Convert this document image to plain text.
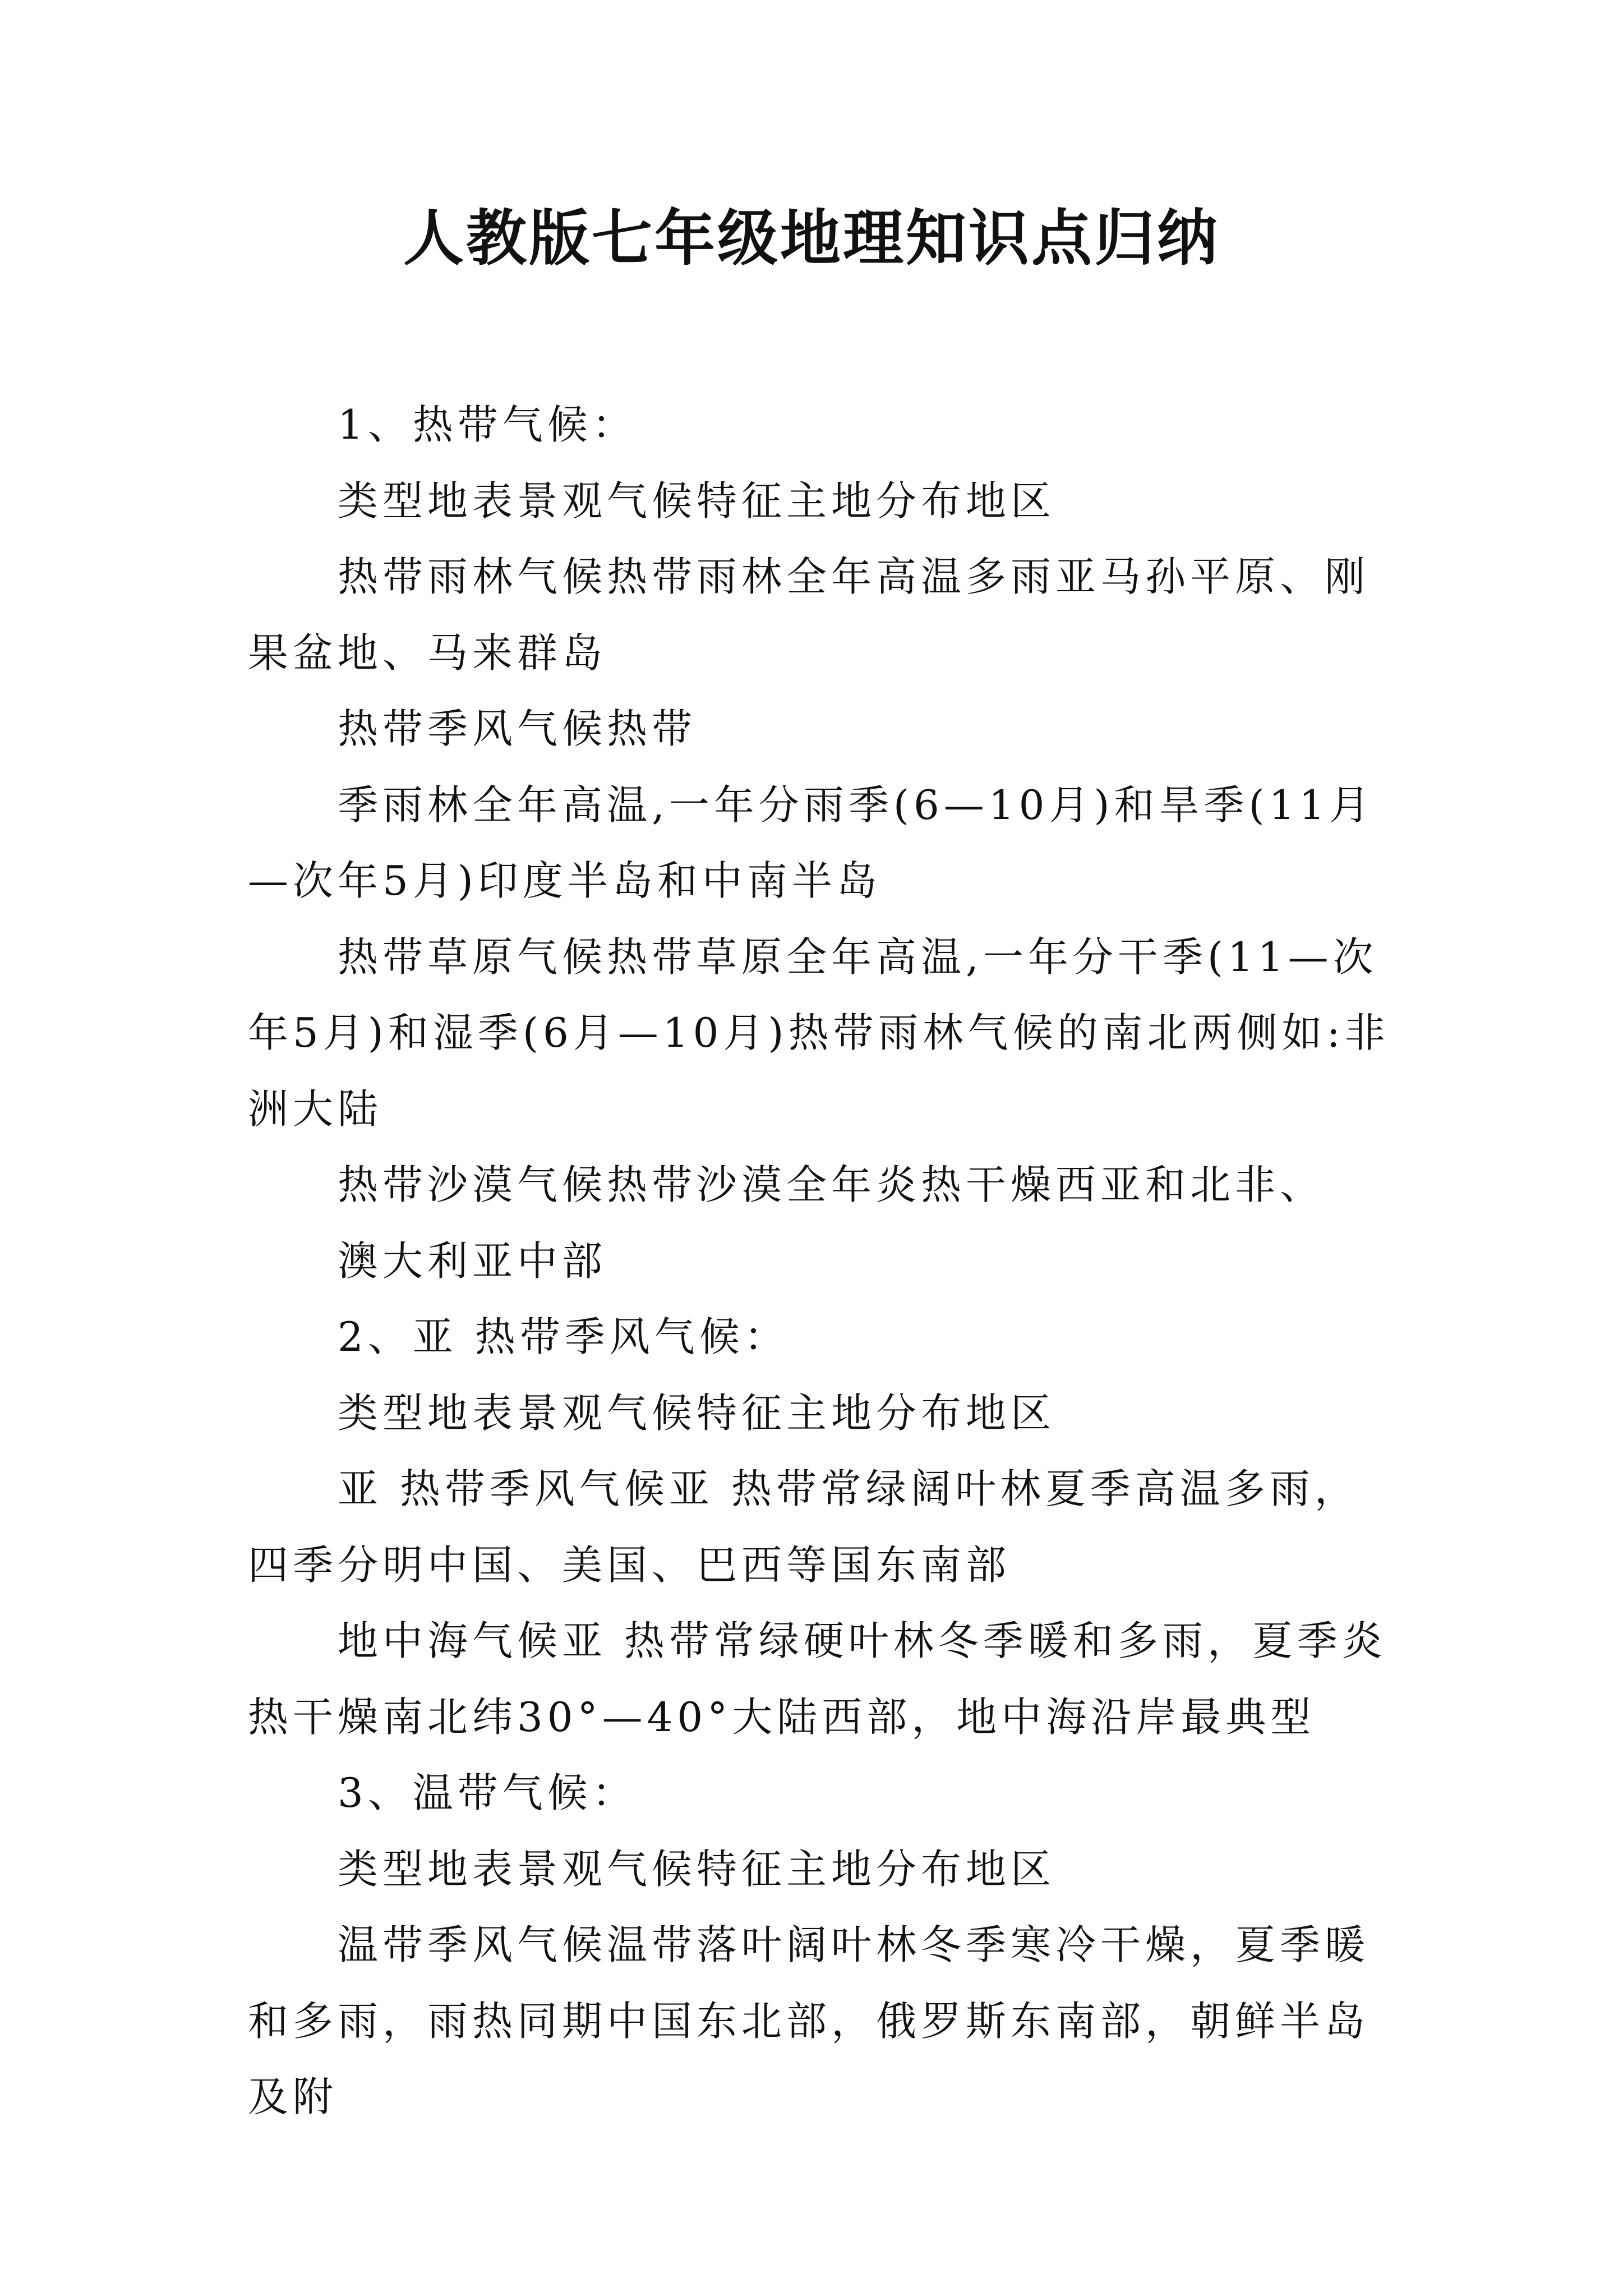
人教版七年级地理知识点归纳

1、热带气候：

类型地表景观气候特征主地分布地区

热带雨林气候热带雨林全年高温多雨亚马孙平原、刚果盆地、马来群岛

热带季风气候热带

季雨林全年高温,一年分雨季(6—10月)和旱季(11月—次年5月)印度半岛和中南半岛

热带草原气候热带草原全年高温,一年分干季(11—次年5月)和湿季(6月—10月)热带雨林气候的南北两侧如:非洲大陆

热带沙漠气候热带沙漠全年炎热干燥西亚和北非、

澳大利亚中部

2、亚 热带季风气候：

类型地表景观气候特征主地分布地区

亚 热带季风气候亚 热带常绿阔叶林夏季高温多雨，四季分明中国、美国、巴西等国东南部

地中海气候亚 热带常绿硬叶林冬季暖和多雨，夏季炎热干燥南北纬30°—40°大陆西部，地中海沿岸最典型

3、温带气候：

类型地表景观气候特征主地分布地区

温带季风气候温带落叶阔叶林冬季寒冷干燥，夏季暖和多雨，雨热同期中国东北部，俄罗斯东南部，朝鲜半岛及附
